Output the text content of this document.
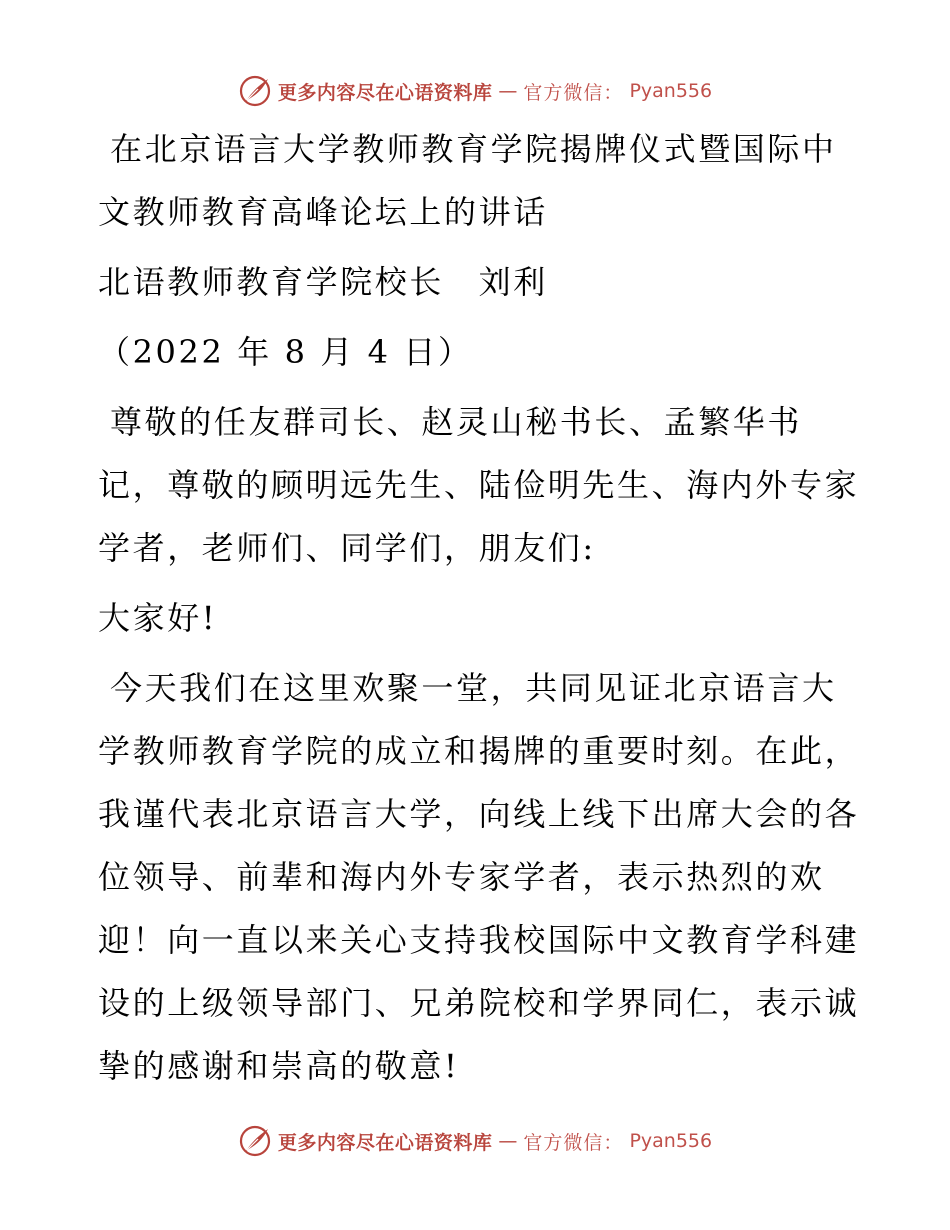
更多内容尽在心语资料库 — 官方微信： Pyan556

在北京语言大学教师教育学院揭牌仪式暨国际中
文教师教育高峰论坛上的讲话

北语教师教育学院校长　刘利

（2022 年 8 月 4 日）

尊敬的任友群司长、赵灵山秘书长、孟繁华书
记，尊敬的顾明远先生、陆俭明先生、海内外专家
学者，老师们、同学们，朋友们:

大家好!

今天我们在这里欢聚一堂，共同见证北京语言大
学教师教育学院的成立和揭牌的重要时刻。在此，
我谨代表北京语言大学，向线上线下出席大会的各
位领导、前辈和海内外专家学者，表示热烈的欢
迎！向一直以来关心支持我校国际中文教育学科建
设的上级领导部门、兄弟院校和学界同仁，表示诚
挚的感谢和崇高的敬意!

更多内容尽在心语资料库 — 官方微信： Pyan556
